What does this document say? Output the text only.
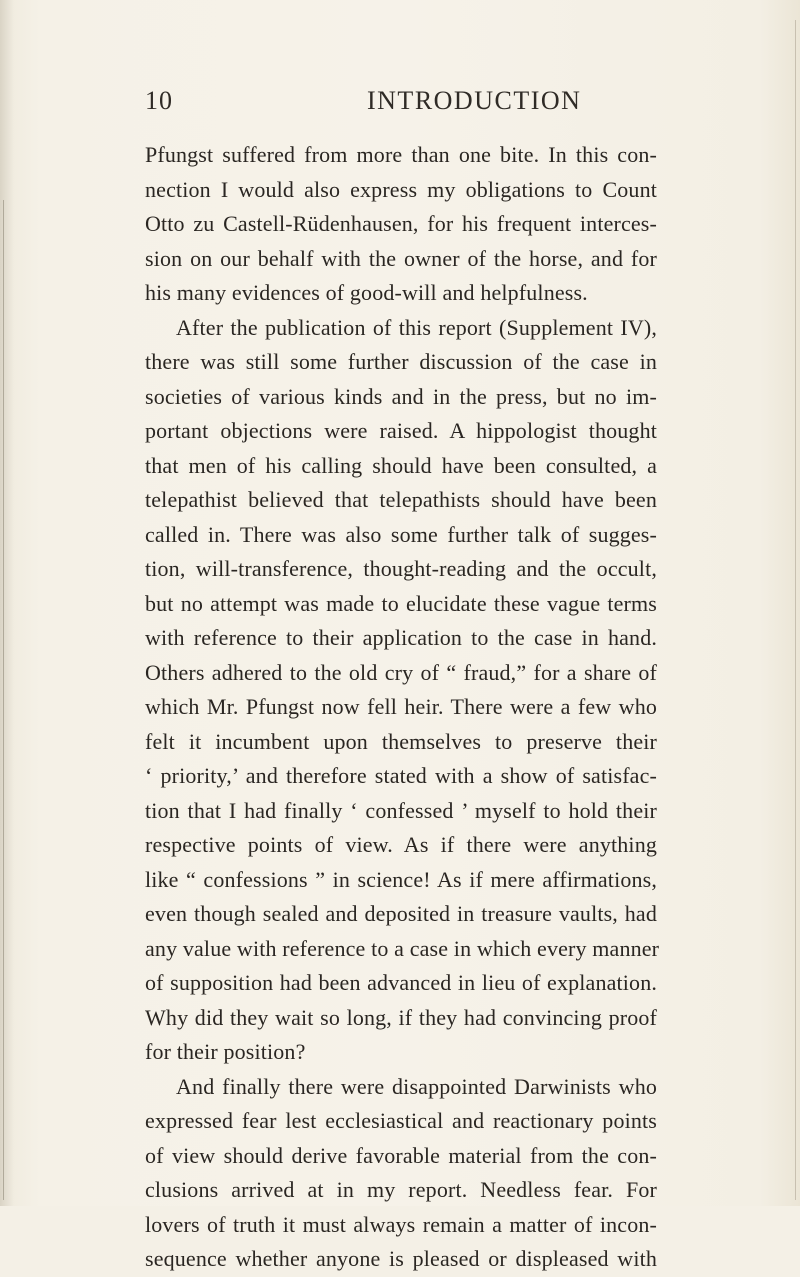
10	INTRODUCTION
Pfungst suffered from more than one bite. In this con-
nection I would also express my obligations to Count
Otto zu Castell-Rüdenhausen, for his frequent interces-
sion on our behalf with the owner of the horse, and for
his many evidences of good-will and helpfulness.
After the publication of this report (Supplement IV),
there was still some further discussion of the case in
societies of various kinds and in the press, but no im-
portant objections were raised. A hippologist thought
that men of his calling should have been consulted, a
telepathist believed that telepathists should have been
called in. There was also some further talk of sugges-
tion, will-transference, thought-reading and the occult,
but no attempt was made to elucidate these vague terms
with reference to their application to the case in hand.
Others adhered to the old cry of “ fraud,” for a share of
which Mr. Pfungst now fell heir. There were a few who
felt it incumbent upon themselves to preserve their
‘ priority,’ and therefore stated with a show of satisfac-
tion that I had finally ‘ confessed ’ myself to hold their
respective points of view. As if there were anything
like “ confessions ” in science! As if mere affirmations,
even though sealed and deposited in treasure vaults, had
any value with reference to a case in which every manner
of supposition had been advanced in lieu of explanation.
Why did they wait so long, if they had convincing proof
for their position?
And finally there were disappointed Darwinists who
expressed fear lest ecclesiastical and reactionary points
of view should derive favorable material from the con-
clusions arrived at in my report. Needless fear. For
lovers of truth it must always remain a matter of incon-
sequence whether anyone is pleased or displeased with
